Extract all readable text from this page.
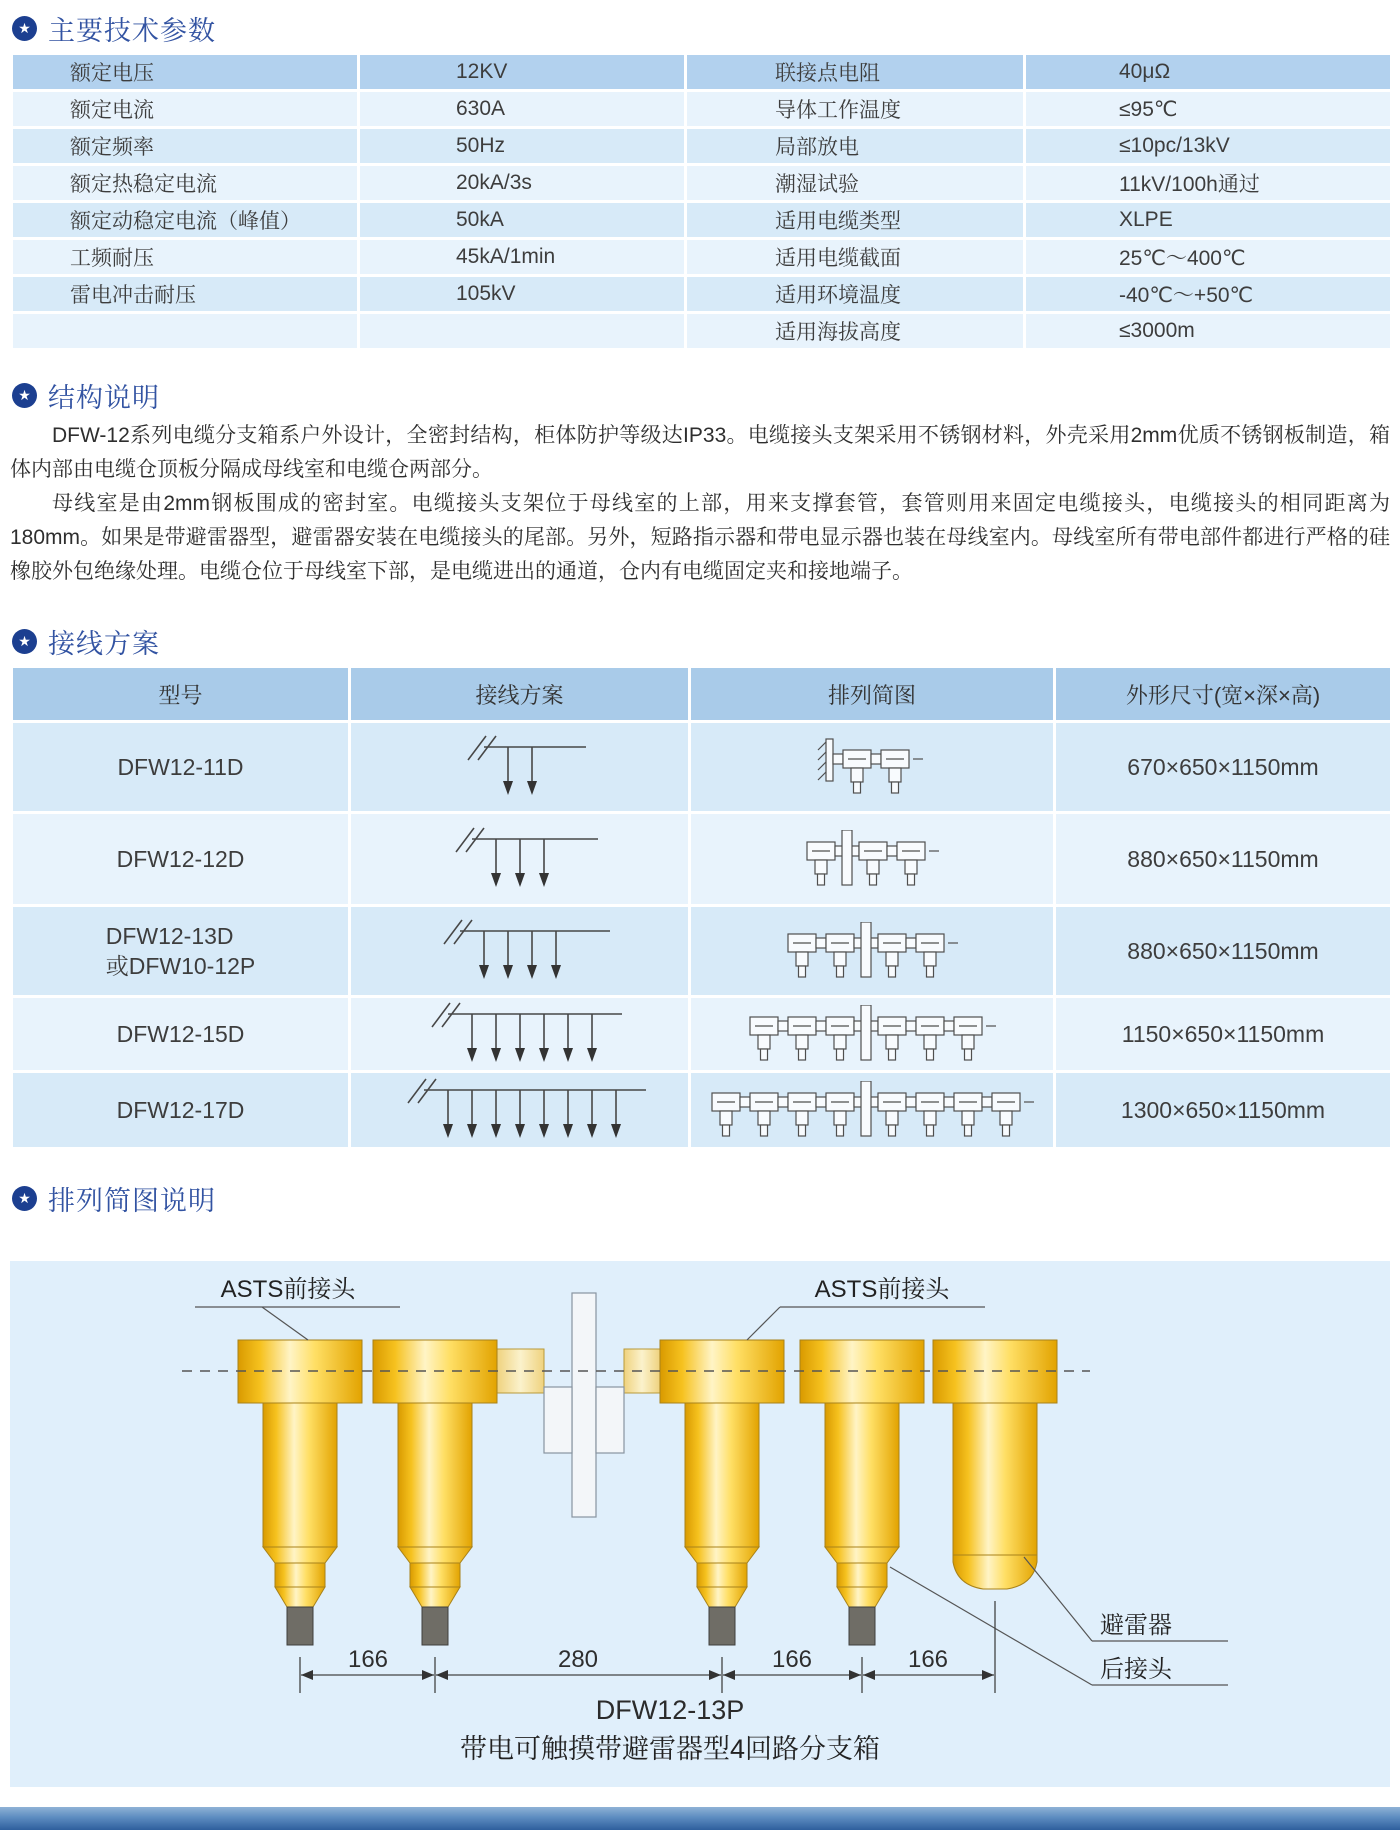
★ 主要技术参数
额定电压	12KV	联接点电阻	40μΩ
额定电流	630A	导体工作温度	≤95℃
额定频率	50Hz	局部放电	≤10pc/13kV
额定热稳定电流	20kA/3s	潮湿试验	11kV/100h通过
额定动稳定电流（峰值）	50kA	适用电缆类型	XLPE
工频耐压	45kA/1min	适用电缆截面	25℃～400℃
雷电冲击耐压	105kV	适用环境温度	-40℃～+50℃
		适用海拔高度	≤3000m
★ 结构说明

DFW-12系列电缆分支箱系户外设计，全密封结构，柜体防护等级达IP33。电缆接头支架采用不锈钢材料，外壳采用2mm优质不锈钢板制造，箱体内部由电缆仓顶板分隔成母线室和电缆仓两部分。

母线室是由2mm钢板围成的密封室。电缆接头支架位于母线室的上部，用来支撑套管，套管则用来固定电缆接头，电缆接头的相同距离为180mm。如果是带避雷器型，避雷器安装在电缆接头的尾部。另外，短路指示器和带电显示器也装在母线室内。母线室所有带电部件都进行严格的硅橡胶外包绝缘处理。电缆仓位于母线室下部，是电缆进出的通道，仓内有电缆固定夹和接地端子。

★ 接线方案
型号	接线方案	排列简图	外形尺寸(宽×深×高)

DFW12-11D			670×650×1150mm

DFW12-12D			880×650×1150mm

DFW12-13D
或DFW10-12P			880×650×1150mm

DFW12-15D			1150×650×1150mm

DFW12-17D			1300×650×1150mm
★ 排列简图说明
ASTS前接头	ASTS前接头
避雷器
后接头
166	280	166	166
DFW12-13P
带电可触摸带避雷器型4回路分支箱
